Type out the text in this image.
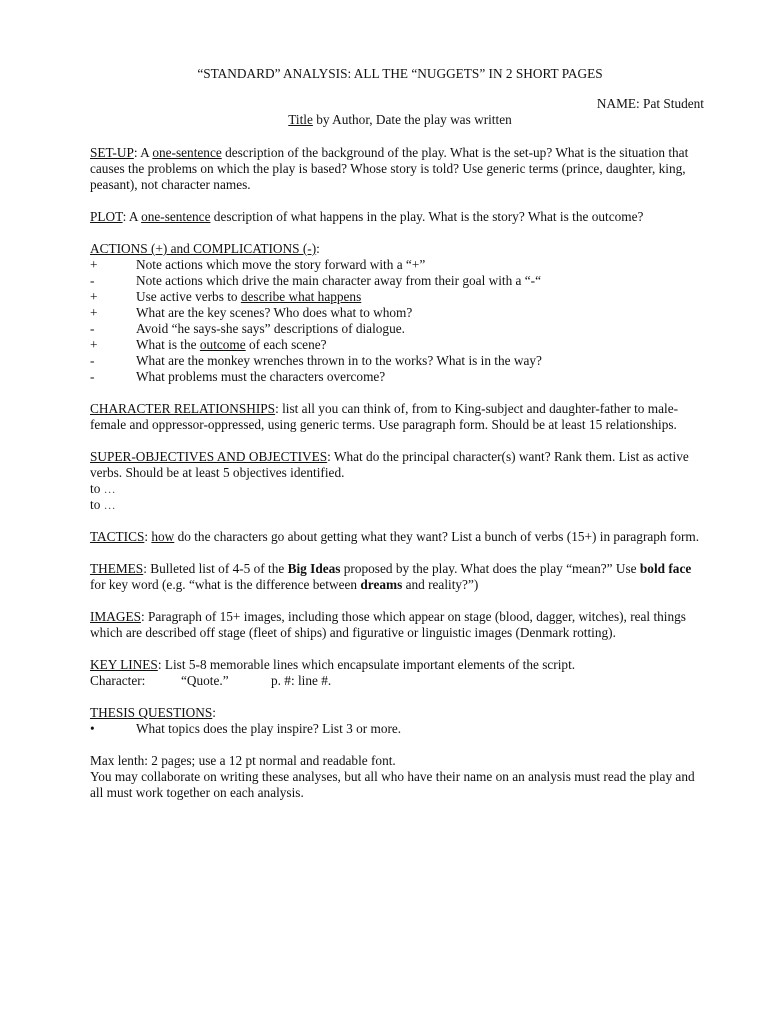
“STANDARD” ANALYSIS: ALL THE “NUGGETS” IN 2 SHORT PAGES

NAME: Pat Student

Title by Author, Date the play was written

SET-UP: A one-sentence description of the background of the play. What is the set-up? What is the situation that causes the problems on which the play is based? Whose story is told? Use generic terms (prince, daughter, king, peasant), not character names.

PLOT: A one-sentence description of what happens in the play. What is the story? What is the outcome?

ACTIONS (+) and COMPLICATIONS (-):

+	Note actions which move the story forward with a “+”
-	Note actions which drive the main character away from their goal with a “-“
+	Use active verbs to describe what happens
+	What are the key scenes? Who does what to whom?
-	Avoid “he says-she says” descriptions of dialogue.
+	What is the outcome of each scene?
-	What are the monkey wrenches thrown in to the works? What is in the way?
-	What problems must the characters overcome?

CHARACTER RELATIONSHIPS: list all you can think of, from to King-subject and daughter-father to male-female and oppressor-oppressed, using generic terms. Use paragraph form. Should be at least 15 relationships.

SUPER-OBJECTIVES AND OBJECTIVES: What do the principal character(s) want? Rank them. List as active verbs. Should be at least 5 objectives identified.

to …

to …

TACTICS: how do the characters go about getting what they want? List a bunch of verbs (15+) in paragraph form.

THEMES: Bulleted list of 4-5 of the Big Ideas proposed by the play. What does the play “mean?” Use bold face for key word (e.g. “what is the difference between dreams and reality?”)

IMAGES: Paragraph of 15+ images, including those which appear on stage (blood, dagger, witches), real things which are described off stage (fleet of ships) and figurative or linguistic images (Denmark rotting).

KEY LINES: List 5-8 memorable lines which encapsulate important elements of the script.

Character:	“Quote.”	p. #: line #.

THESIS QUESTIONS:

•	What topics does the play inspire? List 3 or more.

Max lenth: 2 pages; use a 12 pt normal and readable font.

You may collaborate on writing these analyses, but all who have their name on an analysis must read the play and all must work together on each analysis.
